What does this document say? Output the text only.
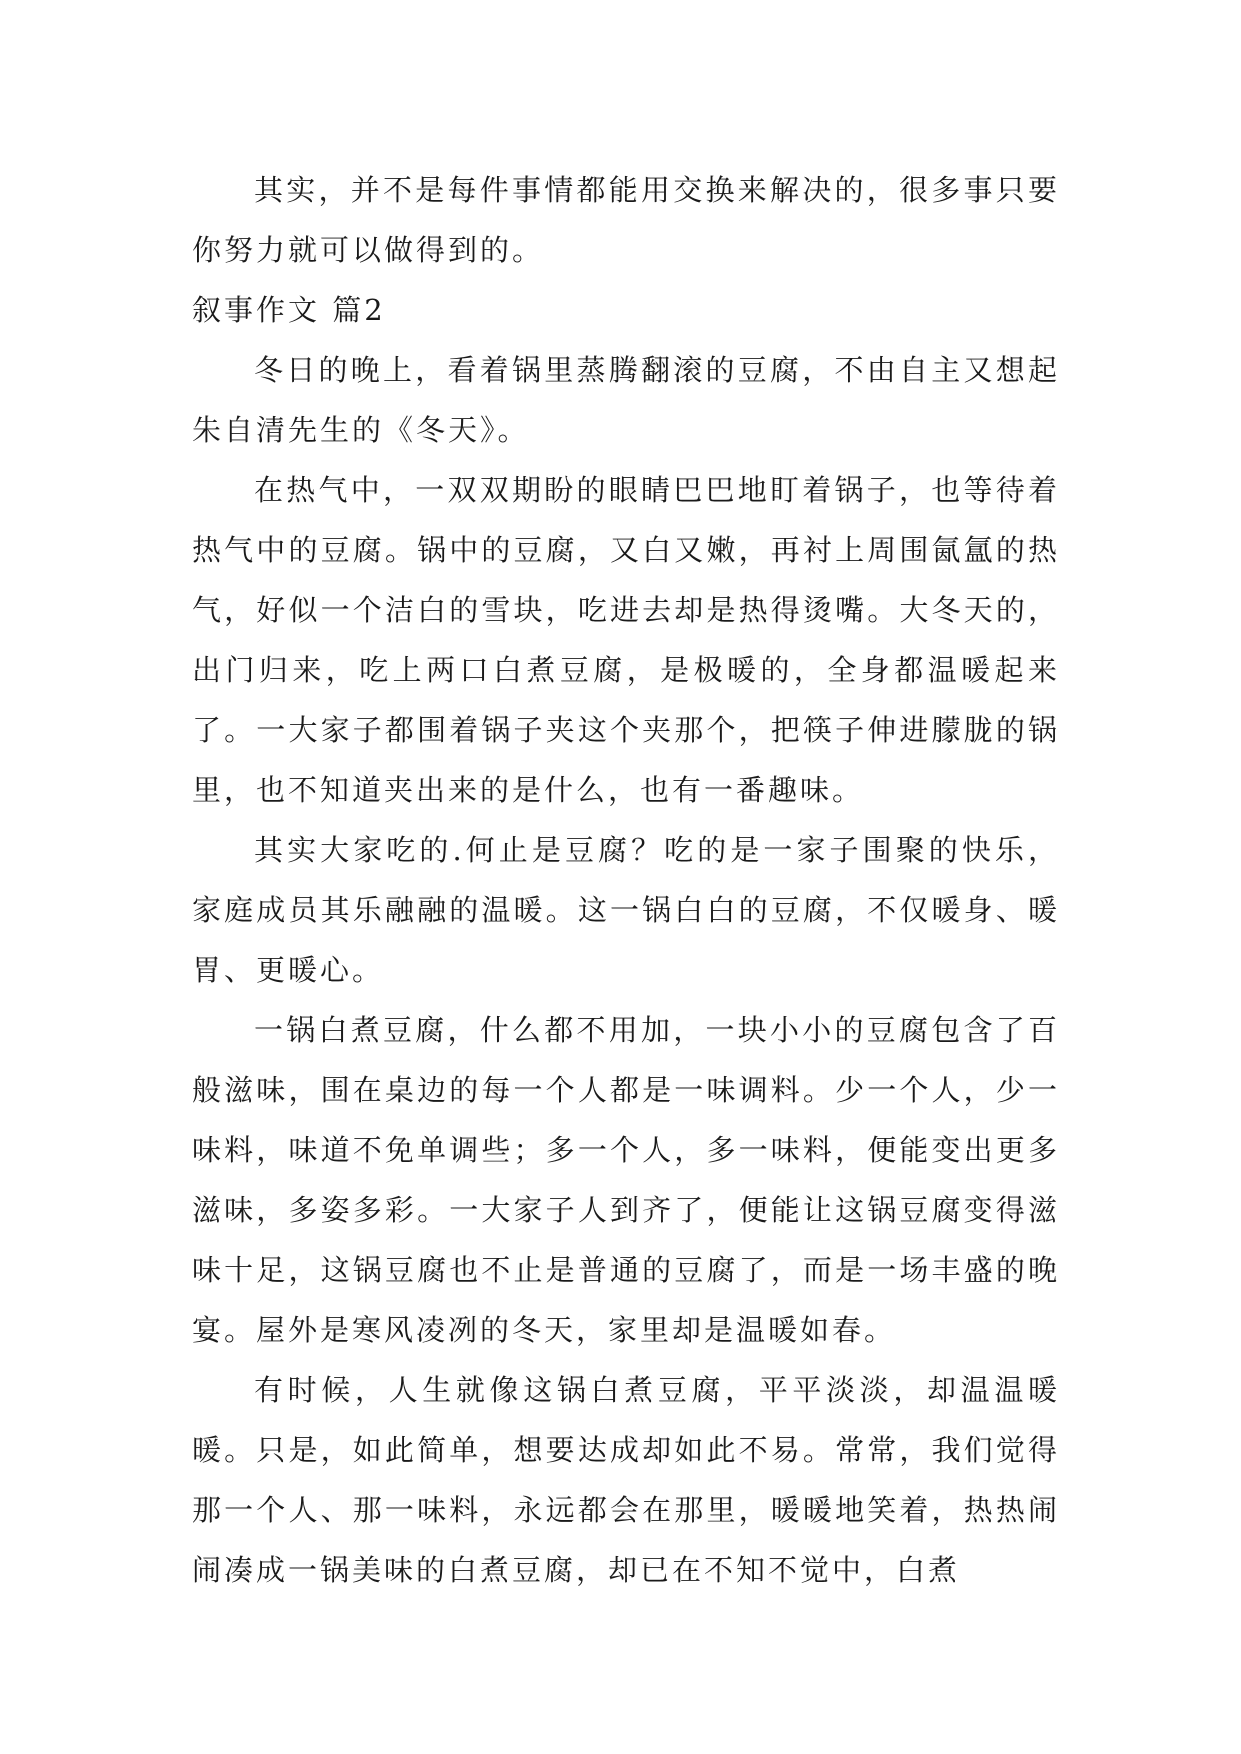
其实，并不是每件事情都能用交换来解决的，很多事只要你努力就可以做得到的。

叙事作文 篇2

冬日的晚上，看着锅里蒸腾翻滚的豆腐，不由自主又想起朱自清先生的《冬天》。

在热气中，一双双期盼的眼睛巴巴地盯着锅子，也等待着热气中的豆腐。锅中的豆腐，又白又嫩，再衬上周围氤氲的热气，好似一个洁白的雪块，吃进去却是热得烫嘴。大冬天的，出门归来，吃上两口白煮豆腐，是极暖的，全身都温暖起来了。一大家子都围着锅子夹这个夹那个，把筷子伸进朦胧的锅里，也不知道夹出来的是什么，也有一番趣味。

其实大家吃的.何止是豆腐？吃的是一家子围聚的快乐，家庭成员其乐融融的温暖。这一锅白白的豆腐，不仅暖身、暖胃、更暖心。

一锅白煮豆腐，什么都不用加，一块小小的豆腐包含了百般滋味，围在桌边的每一个人都是一味调料。少一个人，少一味料，味道不免单调些；多一个人，多一味料，便能变出更多滋味，多姿多彩。一大家子人到齐了，便能让这锅豆腐变得滋味十足，这锅豆腐也不止是普通的豆腐了，而是一场丰盛的晚宴。屋外是寒风凌冽的冬天，家里却是温暖如春。

有时候，人生就像这锅白煮豆腐，平平淡淡，却温温暖暖。只是，如此简单，想要达成却如此不易。常常，我们觉得那一个人、那一味料，永远都会在那里，暖暖地笑着，热热闹闹凑成一锅美味的白煮豆腐，却已在不知不觉中，白煮
